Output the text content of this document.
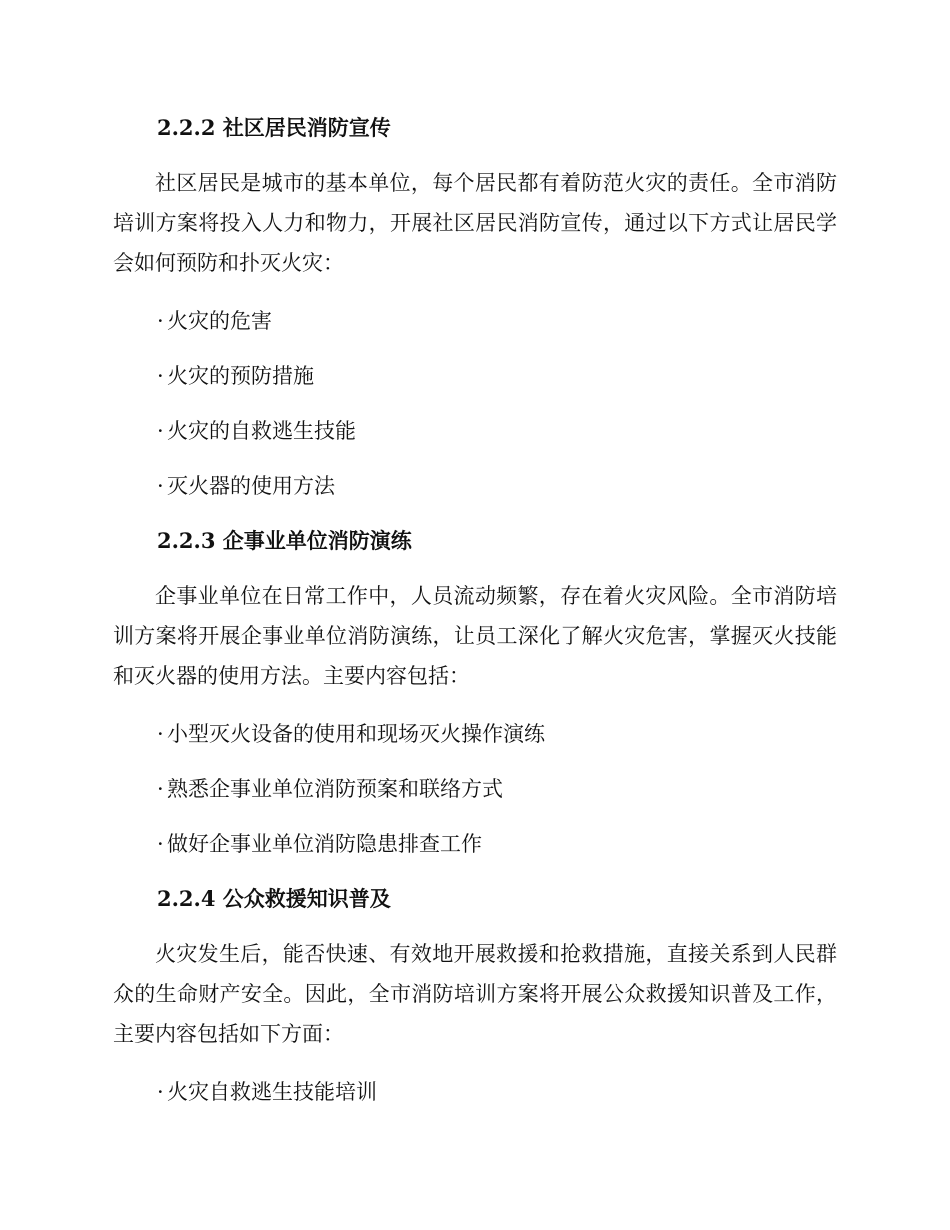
2.2.2 社区居民消防宣传
社区居民是城市的基本单位，每个居民都有着防范火灾的责任。全市消防培训方案将投入人力和物力，开展社区居民消防宣传，通过以下方式让居民学会如何预防和扑灭火灾：
· 火灾的危害
· 火灾的预防措施
· 火灾的自救逃生技能
· 灭火器的使用方法
2.2.3 企事业单位消防演练
企事业单位在日常工作中，人员流动频繁，存在着火灾风险。全市消防培训方案将开展企事业单位消防演练，让员工深化了解火灾危害，掌握灭火技能和灭火器的使用方法。主要内容包括：
· 小型灭火设备的使用和现场灭火操作演练
· 熟悉企事业单位消防预案和联络方式
· 做好企事业单位消防隐患排查工作
2.2.4 公众救援知识普及
火灾发生后，能否快速、有效地开展救援和抢救措施，直接关系到人民群众的生命财产安全。因此，全市消防培训方案将开展公众救援知识普及工作，主要内容包括如下方面：
· 火灾自救逃生技能培训
